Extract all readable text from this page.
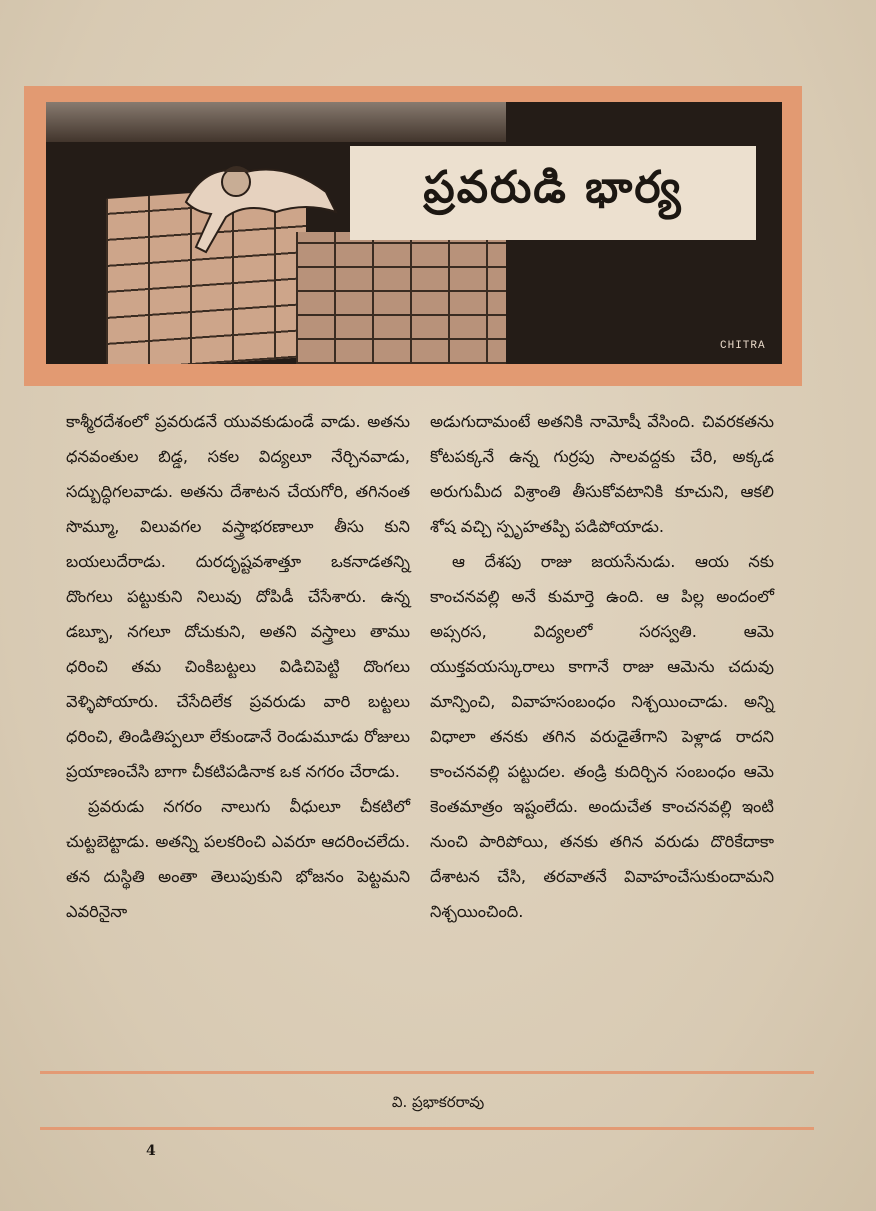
ప్రవరుడి భార్య
CHITRA

కాశ్మీరదేశంలో ప్రవరుడనే యువకుడుండే వాడు. అతను ధనవంతుల బిడ్డ, సకల విద్యలూ నేర్చినవాడు, సద్బుద్ధిగలవాడు. అతను దేశాటన చేయగోరి, తగినంత సొమ్మూ, విలువగల వస్త్రాభరణాలూ తీసు కుని బయలుదేరాడు. దురదృష్టవశాత్తూ ఒకనాడతన్ని దొంగలు పట్టుకుని నిలువు దోపిడీ చేసేశారు. ఉన్న డబ్బూ, నగలూ దోచుకుని, అతని వస్త్రాలు తాము ధరించి తమ చింకిబట్టలు విడిచిపెట్టి దొంగలు వెళ్ళిపోయారు. చేసేదిలేక ప్రవరుడు వారి బట్టలు ధరించి, తిండితిప్పలూ లేకుండానే రెండుమూడు రోజులు ప్రయాణంచేసి బాగా చీకటిపడినాక ఒక నగరం చేరాడు.

ప్రవరుడు నగరం నాలుగు వీధులూ చీకటిలో చుట్టబెట్టాడు. అతన్ని పలకరించి ఎవరూ ఆదరించలేదు. తన దుస్థితి అంతా తెలుపుకుని భోజనం పెట్టమని ఎవరినైనా

అడుగుదామంటే అతనికి నామోషీ వేసింది. చివరకతను కోటపక్కనే ఉన్న గుర్రపు సాలవద్దకు చేరి, అక్కడ అరుగుమీద విశ్రాంతి తీసుకోవటానికి కూచుని, ఆకలి శోష వచ్చి స్పృహతప్పి పడిపోయాడు.

ఆ దేశపు రాజు జయసేనుడు. ఆయ నకు కాంచనవల్లి అనే కుమార్తె ఉంది. ఆ పిల్ల అందంలో అప్సరస, విద్యలలో సరస్వతి. ఆమె యుక్తవయస్కురాలు కాగానే రాజు ఆమెను చదువు మాన్పించి, వివాహసంబంధం నిశ్చయించాడు. అన్ని విధాలా తనకు తగిన వరుడైతేగాని పెళ్లాడ రాదని కాంచనవల్లి పట్టుదల. తండ్రి కుదిర్చిన సంబంధం ఆమె కెంతమాత్రం ఇష్టంలేదు. అందుచేత కాంచనవల్లి ఇంటి నుంచి పారిపోయి, తనకు తగిన వరుడు దొరికేదాకా దేశాటన చేసి, తరవాతనే వివాహంచేసుకుందామని నిశ్చయించింది.

వి. ప్రభాకరరావు
4
